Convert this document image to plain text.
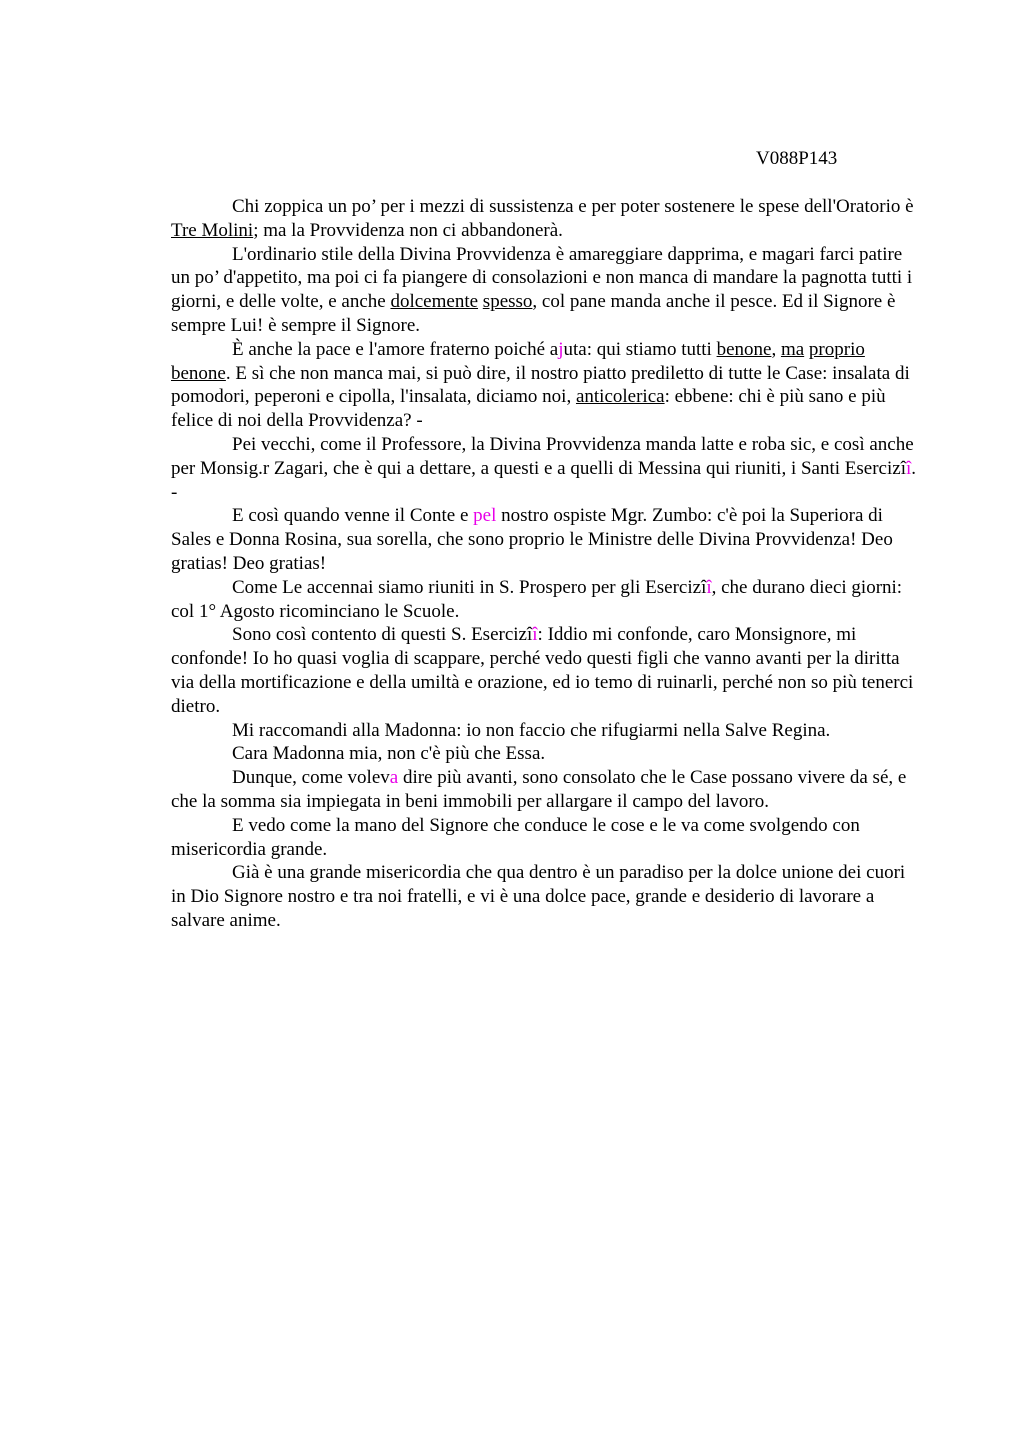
V088P143

Chi zoppica un po’ per i mezzi di sussistenza e per poter sostenere le spese dell'Oratorio è Tre Molini; ma la Provvidenza non ci abbandonerà.

L'ordinario stile della Divina Provvidenza è amareggiare dapprima, e magari farci patire un po’ d'appetito, ma poi ci fa piangere di consolazioni e non manca di mandare la pagnotta tutti i giorni, e delle volte, e anche dolcemente spesso, col pane manda anche il pesce. Ed il Signore è sempre Lui! è sempre il Signore.

È anche la pace e l'amore fraterno poiché ajuta: qui stiamo tutti benone, ma proprio benone. E sì che non manca mai, si può dire, il nostro piatto prediletto di tutte le Case: insalata di pomodori, peperoni e cipolla, l'insalata, diciamo noi, anticolerica: ebbene: chi è più sano e più felice di noi della Provvidenza? -

Pei vecchi, come il Professore, la Divina Provvidenza manda latte e roba sic, e così anche per Monsig.r Zagari, che è qui a dettare, a questi e a quelli di Messina qui riuniti, i Santi Esercizîî. -

E così quando venne il Conte e pel nostro ospiste Mgr. Zumbo: c'è poi la Superiora di Sales e Donna Rosina, sua sorella, che sono proprio le Ministre delle Divina Provvidenza! Deo gratias! Deo gratias!

Come Le accennai siamo riuniti in S. Prospero per gli Esercizîî, che durano dieci giorni: col 1° Agosto ricominciano le Scuole.

Sono così contento di questi S. Esercizîî: Iddio mi confonde, caro Monsignore, mi confonde! Io ho quasi voglia di scappare, perché vedo questi figli che vanno avanti per la diritta via della mortificazione e della umiltà e orazione, ed io temo di ruinarli, perché non so più tenerci dietro.

Mi raccomandi alla Madonna: io non faccio che rifugiarmi nella Salve Regina.

Cara Madonna mia, non c'è più che Essa.

Dunque, come voleva dire più avanti, sono consolato che le Case possano vivere da sé, e che la somma sia impiegata in beni immobili per allargare il campo del lavoro.

E vedo come la mano del Signore che conduce le cose e le va come svolgendo con misericordia grande.

Già è una grande misericordia che qua dentro è un paradiso per la dolce unione dei cuori in Dio Signore nostro e tra noi fratelli, e vi è una dolce pace, grande e desiderio di lavorare a salvare anime.
